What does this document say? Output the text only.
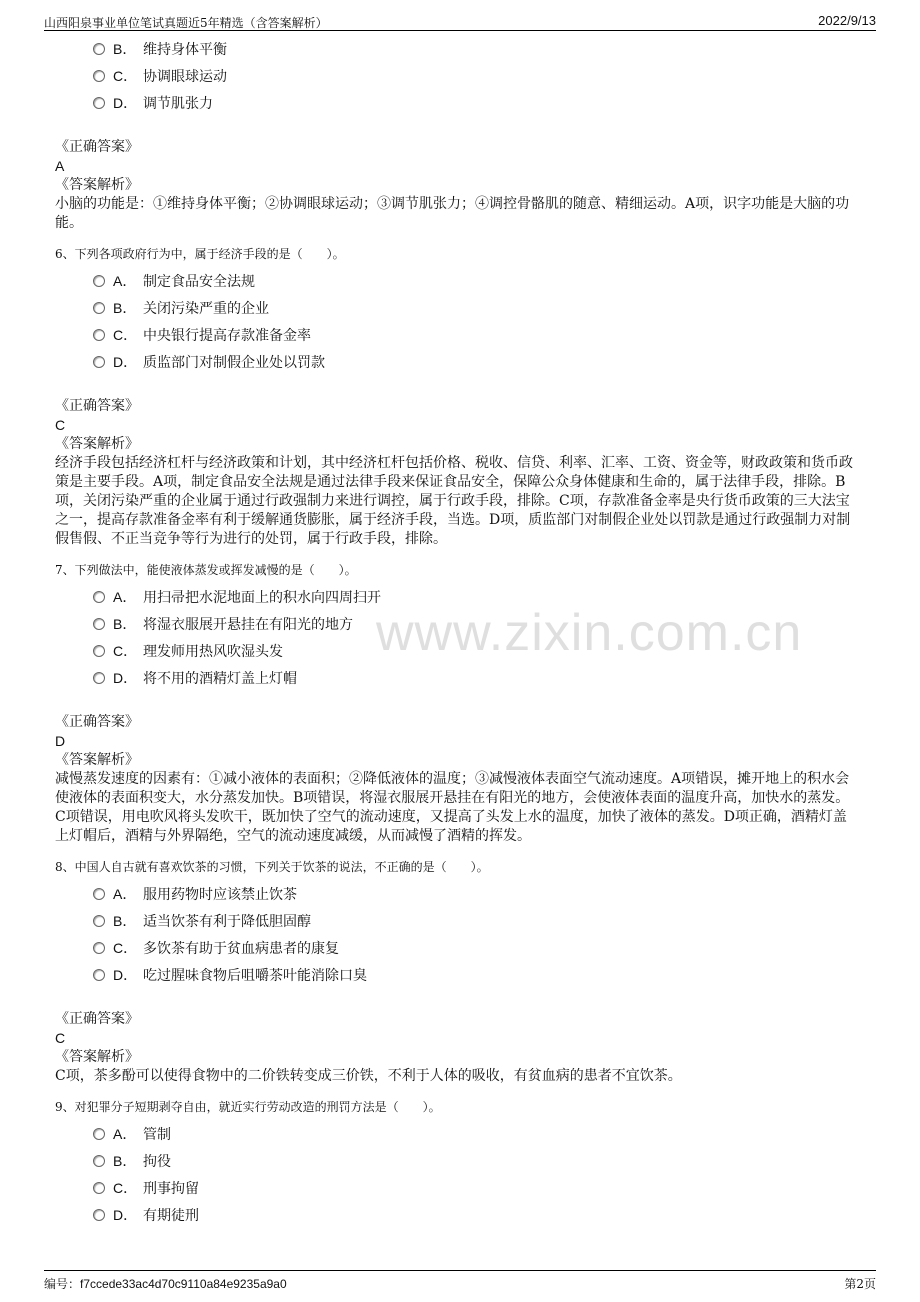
山西阳泉事业单位笔试真题近5年精选（含答案解析）	2022/9/13
www.zixin.com.cn
B． 维持身体平衡
C． 协调眼球运动
D． 调节肌张力
《正确答案》
A
《答案解析》
小脑的功能是：①维持身体平衡；②协调眼球运动；③调节肌张力；④调控骨骼肌的随意、精细运动。A项，识字功能是大脑的功能。
6、下列各项政府行为中，属于经济手段的是（　　）。
A． 制定食品安全法规
B． 关闭污染严重的企业
C． 中央银行提高存款准备金率
D． 质监部门对制假企业处以罚款
《正确答案》
C
《答案解析》
经济手段包括经济杠杆与经济政策和计划，其中经济杠杆包括价格、税收、信贷、利率、汇率、工资、资金等，财政政策和货币政策是主要手段。A项，制定食品安全法规是通过法律手段来保证食品安全，保障公众身体健康和生命的，属于法律手段，排除。B项，关闭污染严重的企业属于通过行政强制力来进行调控，属于行政手段，排除。C项，存款准备金率是央行货币政策的三大法宝之一，提高存款准备金率有利于缓解通货膨胀，属于经济手段，当选。D项，质监部门对制假企业处以罚款是通过行政强制力对制假售假、不正当竞争等行为进行的处罚，属于行政手段，排除。
7、下列做法中，能使液体蒸发或挥发减慢的是（　　）。
A． 用扫帚把水泥地面上的积水向四周扫开
B． 将湿衣服展开悬挂在有阳光的地方
C． 理发师用热风吹湿头发
D． 将不用的酒精灯盖上灯帽
《正确答案》
D
《答案解析》
减慢蒸发速度的因素有：①减小液体的表面积；②降低液体的温度；③减慢液体表面空气流动速度。A项错误，摊开地上的积水会使液体的表面积变大，水分蒸发加快。B项错误，将湿衣服展开悬挂在有阳光的地方，会使液体表面的温度升高，加快水的蒸发。C项错误，用电吹风将头发吹干，既加快了空气的流动速度，又提高了头发上水的温度，加快了液体的蒸发。D项正确，酒精灯盖上灯帽后，酒精与外界隔绝，空气的流动速度减缓，从而减慢了酒精的挥发。
8、中国人自古就有喜欢饮茶的习惯，下列关于饮茶的说法，不正确的是（　　）。
A． 服用药物时应该禁止饮茶
B． 适当饮茶有利于降低胆固醇
C． 多饮茶有助于贫血病患者的康复
D． 吃过腥味食物后咀嚼茶叶能消除口臭
《正确答案》
C
《答案解析》
C项，茶多酚可以使得食物中的二价铁转变成三价铁，不利于人体的吸收，有贫血病的患者不宜饮茶。
9、对犯罪分子短期剥夺自由，就近实行劳动改造的刑罚方法是（　　）。
A． 管制
B． 拘役
C． 刑事拘留
D． 有期徒刑
编号：f7ccede33ac4d70c9110a84e9235a9a0	第2页
